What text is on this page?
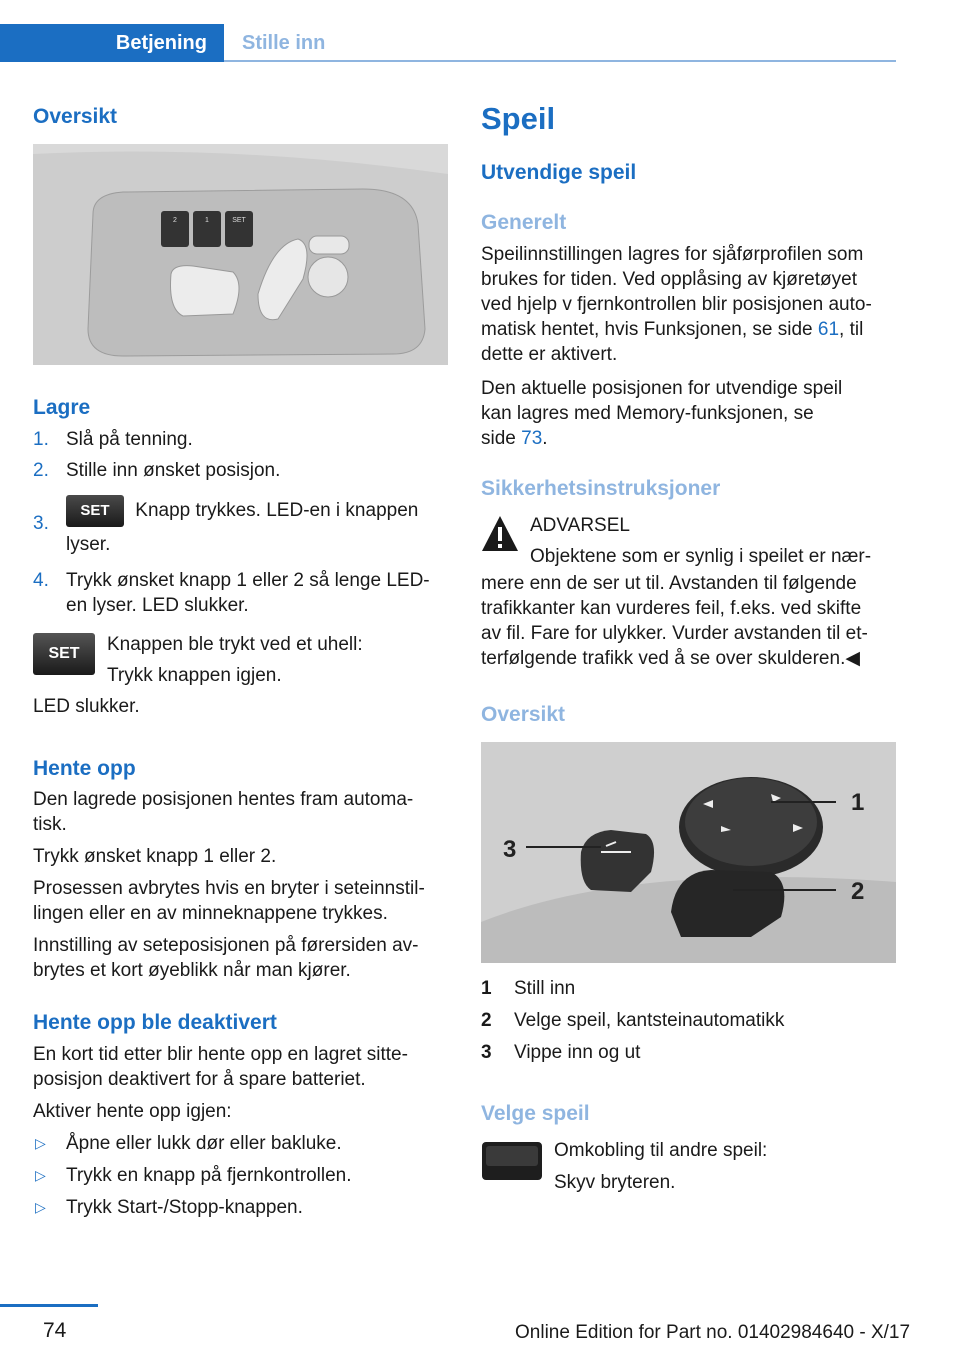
Betjening Stille inn
Oversikt
2	1	SET
Lagre
1. Slå på tenning.
2. Stille inn ønsket posisjon.
3.
SET Knapp trykkes. LED-en i knappen
lyser.
4. Trykk ønsket knapp 1 eller 2 så lenge LED-
en lyser. LED slukker.
SET	Knappen ble trykt ved et uhell:
Trykk knappen igjen.
LED slukker.
Hente opp
Den lagrede posisjonen hentes fram automa-
tisk.
Trykk ønsket knapp 1 eller 2.
Prosessen avbrytes hvis en bryter i seteinnstil-
lingen eller en av minneknappene trykkes.
Innstilling av seteposisjonen på førersiden av-
brytes et kort øyeblikk når man kjører.
Hente opp ble deaktivert
En kort tid etter blir hente opp en lagret sitte-
posisjon deaktivert for å spare batteriet.
Aktiver hente opp igjen:
▷ Åpne eller lukk dør eller bakluke.
▷ Trykk en knapp på fjernkontrollen.
▷ Trykk Start-/Stopp-knappen.
Speil
Utvendige speil
Generelt
Speilinnstillingen lagres for sjåførprofilen som
brukes for tiden. Ved opplåsing av kjøretøyet
ved hjelp v fjernkontrollen blir posisjonen auto-
matisk hentet, hvis Funksjonen, se side 61, til
dette er aktivert.
Den aktuelle posisjonen for utvendige speil
kan lagres med Memory-funksjonen, se
side 73.
Sikkerhetsinstruksjoner
ADVARSEL
Objektene som er synlig i speilet er nær-
mere enn de ser ut til. Avstanden til følgende
trafikkanter kan vurderes feil, f.eks. ved skifte
av fil. Fare for ulykker. Vurder avstanden til et-
terfølgende trafikk ved å se over skulderen.◀
Oversikt
1
2
3
1 Still inn
2 Velge speil, kantsteinautomatikk
3 Vippe inn og ut
Velge speil
Omkobling til andre speil:
Skyv bryteren.
74	Online Edition for Part no. 01402984640 - X/17
